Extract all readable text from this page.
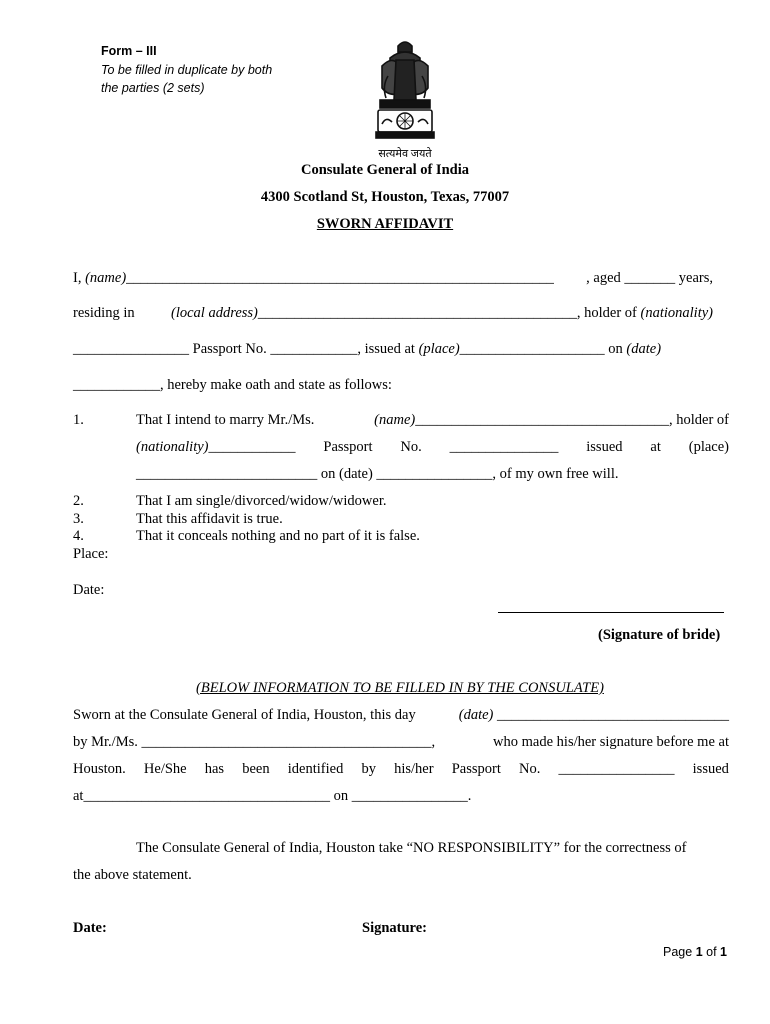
Form – III
To be filled in duplicate by both
the parties (2 sets)
सत्यमेव जयते
Consulate General of India
4300 Scotland St, Houston, Texas, 77007
SWORN AFFIDAVIT
I, (name)___________________________________________________________ , aged _______ years,
residing in	(local address)____________________________________________, holder of (nationality)
________________ Passport No. ____________, issued at (place)____________________ on (date)
____________, hereby make oath and state as follows:
1.	That I intend to marry Mr./Ms.	(name)___________________________________, holder of
(nationality)____________ Passport No. _______________ issued at (place)
_________________________ on (date) ________________, of my own free will.
2.	That I am single/divorced/widow/widower.
3.	That this affidavit is true.
4.	That it conceals nothing and no part of it is false.
Place:
Date:
(Signature of bride)
(BELOW INFORMATION TO BE FILLED IN BY THE CONSULATE)
Sworn at the Consulate General of India, Houston, this day	(date) ________________________________
by Mr./Ms. ________________________________________,	who made his/her signature before me at
Houston. He/She has been identified by his/her Passport No. ________________ issued
at__________________________________ on ________________.
The Consulate General of India, Houston take “NO RESPONSIBILITY” for the correctness of
the above statement.
Date:	Signature:
Page 1 of 1
